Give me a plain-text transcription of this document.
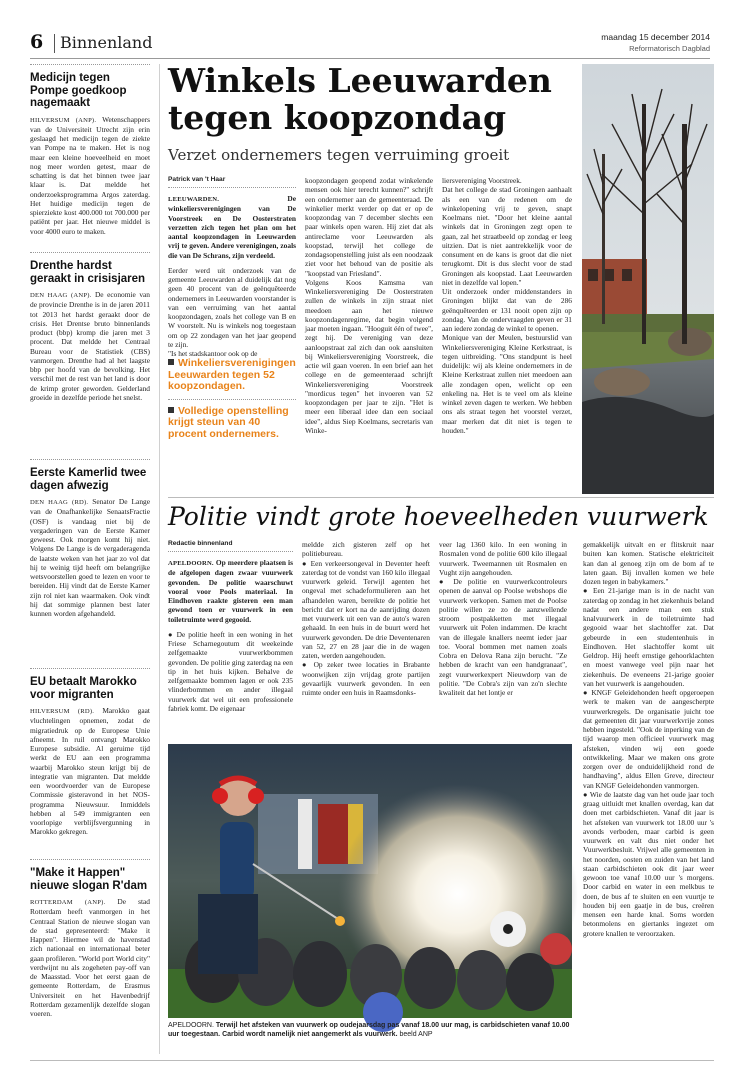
6 Binnenland	maandag 15 december 2014
Reformatorisch Dagblad
Medicijn tegen Pompe goedkoop nagemaakt

HILVERSUM (ANP). Wetenschappers van de Universiteit Utrecht zijn erin geslaagd het medicijn tegen de ziekte van Pompe na te maken. Het is nog maar een kleine hoeveelheid en moet nog meer worden getest, maar de schatting is dat het binnen twee jaar klaar is. Dat meldde het onderzoeksprogramma Argos zaterdag. Het huidige medicijn tegen de spierziekte kost 400.000 tot 700.000 per patiënt per jaar. Het nieuwe middel is voor 4000 euro te maken.

Drenthe hardst geraakt in crisisjaren

DEN HAAG (ANP). De economie van de provincie Drenthe is in de jaren 2011 tot 2013 het hardst geraakt door de crisis. Het Drentse bruto binnenlands product (bbp) kromp die jaren met 3 procent. Dat meldde het Centraal Bureau voor de Statistiek (CBS) vanmorgen. Drenthe had al het laagste bbp per hoofd van de bevolking. Het verschil met de rest van het land is door de krimp groter geworden. Gelderland groeide in dezelfde periode het snelst.

Eerste Kamerlid twee dagen afwezig

DEN HAAG (RD). Senator De Lange van de Onafhankelijke SenaatsFractie (OSF) is vandaag niet bij de vergaderingen van de Eerste Kamer geweest. Ook morgen komt hij niet. Volgens De Lange is de vergaderagenda de laatste weken van het jaar zo vol dat hij te weinig tijd heeft om belangrijke wetsvoorstellen goed te lezen en voor te bereiden. Hij vindt dat de Eerste Kamer zijn rol niet kan waarmaken. Ook vindt hij dat sommige plannen best later kunnen worden afgehandeld.

EU betaalt Marokko voor migranten

HILVERSUM (RD). Marokko gaat vluchtelingen opnemen, zodat de migratiedruk op de Europese Unie afneemt. In ruil ontvangt Marokko Europese subsidie. Al geruime tijd werkt de EU aan een programma waarbij Marokko steun krijgt bij de integratie van migranten. Dat meldde een woordvoerder van de Europese Commissie gisteravond in het NOS-programma Nieuwsuur. Inmiddels hebben al 549 immigranten een voorlopige verblijfsvergunning in Marokko gekregen.

"Make it Happen" nieuwe slogan R'dam

ROTTERDAM (ANP). De stad Rotterdam heeft vanmorgen in het Centraal Station de nieuwe slogan van de stad gepresenteerd: "Make it Happen". Hiermee wil de havenstad zich nationaal en internationaal beter gaan profileren. "World port World city" verdwijnt nu als zogeheten pay-off van de Maasstad. Voor het eerst gaan de gemeente Rotterdam, de Erasmus Universiteit en het Havenbedrijf Rotterdam gezamenlijk dezelfde slogan voeren.

Winkels Leeuwarden
tegen koopzondag
Verzet ondernemers tegen verruiming groeit
Patrick van 't Haar

LEEUWARDEN.	De winkeliersverenigingen van De Voorstreek en De Oosterstraten verzetten zich tegen het plan om het aantal koopzondagen in Leeuwarden vrij te geven. Andere verenigingen, zoals die van De Schrans, zijn verdeeld.

Eerder werd uit onderzoek van de gemeente Leeuwarden al duidelijk dat nog geen 40 procent van de geënquêteerde ondernemers in Leeuwarden voorstander is van een verruiming van het aantal koopzondagen, zoals het college van B en W voorstelt. Nu is winkels nog toegestaan om op 22 zondagen van het jaar geopend te zijn.
"Is het stadskantoor ook op de

Winkeliersverenigingen Leeuwarden tegen 52 koopzondagen.
Volledige openstelling krijgt steun van 40 procent ondernemers.

koopzondagen geopend zodat winkelende mensen ook hier terecht kunnen?" schrijft een ondernemer aan de gemeenteraad. De winkelier merkt verder op dat er op de koopzondag van 7 december slechts een paar winkels open waren. Hij ziet dat als antireclame voor Leeuwarden als koopstad, terwijl het college de zondagsopenstelling juist als een noodzaak ziet voor het behoud van de positie als "koopstad van Friesland".
Volgens Koos Kamsma van Winkeliersvereniging De Oosterstraten zullen de winkels in zijn straat niet meedoen aan het nieuwe koopzondagenregime, dat begin volgend jaar moeten ingaan. "Hooguit één of twee", zegt hij. De vereniging van deze aanloopstraat zal zich dan ook aansluiten bij Winkeliersvereniging Voorstreek, die actie wil gaan voeren. In een brief aan het college en de gemeenteraad schrijft Winkeliersvereniging Voorstreek "mordicus tegen" het invoeren van 52 koopzondagen per jaar te zijn. "Het is meer een liberaal idee dan een sociaal idee", aldus Siep Koelmans, secretaris van Winke-

liersvereniging Voorstreek.
Dat het college de stad Groningen aanhaalt als een van de redenen om de winkelopening vrij te geven, snapt Koelmans niet. "Door het kleine aantal winkels dat in Groningen zegt open te gaan, zal het straatbeeld op zondag er leeg uitzien. Dat is niet aantrekkelijk voor de consument en de kans is groot dat die niet terugkomt. Dit is dus slecht voor de stad Groningen als koopstad. Laat Leeuwarden niet in dezelfde val lopen."
Uit onderzoek onder middenstanders in Groningen blijkt dat van de 286 geënquêteerden er 131 nooit open zijn op zondag. Van de ondervraagden geven er 31 aan iedere zondag de winkel te openen.
Monique van der Meulen, bestuurslid van Winkeliersvereniging Kleine Kerkstraat, is tegen uitbreiding. "Ons standpunt is heel duidelijk: wij als kleine ondernemers in de Kleine Kerkstraat zullen niet meedoen aan alle zondagen open, welicht op een enkeling na. Het is te veel om als kleine winkel zeven dagen te werken. We hebben ons als straat tegen het voorstel verzet, maar merken dat dit niet is tegen te houden."

Politie vindt grote hoeveelheden vuurwerk
Redactie binnenland

APELDOORN. Op meerdere plaatsen is de afgelopen dagen zwaar vuurwerk gevonden. De politie waarschuwt vooral voor Pools materiaal. In Eindhoven raakte gisteren een man gewond toen er vuurwerk in een toiletruimte werd gegooid.

● De politie heeft in een woning in het Friese Scharnegoutum dit weekeinde zelfgemaakte vuurwerkbommen gevonden. De politie ging zaterdag na een tip in het huis kijken. Behalve de zelfgemaakte bommen lagen er ook 235 vlinderbommen en ander illegaal vuurwerk dat wel uit een professionele fabriek komt. De eigenaar

meldde zich gisteren zelf op het politiebureau.
● Een verkeersongeval in Deventer heeft zaterdag tot de vondst van 160 kilo illegaal vuurwerk geleid. Terwijl agenten het ongeval met schadeformulieren aan het afhandelen waren, bereikte de politie het bericht dat er kort na de aanrijding dozen met vuurwerk uit een van de auto's waren gehaald. In een huis in de buurt werd het vuurwerk gevonden. De drie Deventenaren van 52, 27 en 28 jaar die in de wagen zaten, werden aangehouden.
● Op zeker twee locaties in Brabante woonwijken zijn vrijdag grote partijen gevaarlijk vuurwerk gevonden. In een ruimte onder een huis in Raamsdonks-

veer lag 1360 kilo. In een woning in Rosmalen vond de politie 600 kilo illegaal vuurwerk. Tweemannen uit Rosmalen en Vught zijn aangehouden.
● De politie en vuurwerkcontroleurs openen de aanval op Poolse webshops die vuurwerk verkopen. Samen met de Poolse politie willen ze zo de aanzwellende stroom postpakketten met illegaal vuurwerk uit Polen indammen. De kracht van de illegale knallers neemt ieder jaar toe. Vooral bommen met namen zoals Cobra en Delova Rana zijn berucht. "Ze hebben de kracht van een handgranaat", zegt vuurwerkexpert Nieuwdorp van de politie. "De Cobra's zijn van zo'n slechte kwaliteit dat het lontje er

gemakkelijk uitvalt en er flitskruit naar buiten kan komen. Statische elektriciteit kan dan al genoeg zijn om de bom af te laten gaan. Bij invallen komen we hele dozen tegen in babykamers."
● Een 21-jarige man is in de nacht van zaterdag op zondag in het ziekenhuis beland nadat een andere man een stuk knalvuurwerk in de toiletruimte had gegooid waar het slachtoffer zat. Dat gebeurde in een studentenhuis in Eindhoven. Het slachtoffer komt uit Geldrop. Hij heeft ernstige gehoorklachten en moest vanwege veel pijn naar het ziekenhuis. De eveneens 21-jarige gooier van het vuurwerk is aangehouden.
● KNGF Geleidehonden heeft opgeroepen werk te maken van de aangescherpte vuurwerkregels. De organisatie juicht toe dat gemeenten dit jaar vuurwerkvrije zones hebben ingesteld. "Ook de inperking van de tijd waarop men officieel vuurwerk mag afsteken, vinden wij een goede ontwikkeling. Maar we maken ons grote zorgen over de onduidelijkheid rond de handhaving", aldus Ellen Greve, directeur van KNGF Geleidehonden vanmorgen.
● Wie de laatste dag van het oude jaar toch graag uitluidt met knallen overdag, kan dat doen met carbidschieten. Vanaf dit jaar is het afsteken van vuurwerk tot 18.00 uur 's avonds verboden, maar carbid is geen vuurwerk en valt dus niet onder het Vuurwerkbesluit. Vrijwel alle gemeenten in het noorden, oosten en zuiden van het land staan carbidschieten ook dit jaar weer gewoon toe vanaf 10.00 uur 's morgens. Door carbid en water in een melkbus te doen, de bus af te sluiten en een vuurtje te houden bij een gaatje in de bus, creëren mensen een harde knal. Soms worden betonmolens en giertanks ingezet om grotere knallen te veroorzaken.

APELDOORN. Terwijl het afsteken van vuurwerk op oudejaarsdag pas vanaf 18.00 uur mag, is carbidschieten vanaf 10.00 uur toegestaan. Carbid wordt namelijk niet aangemerkt als vuurwerk. beeld ANP
